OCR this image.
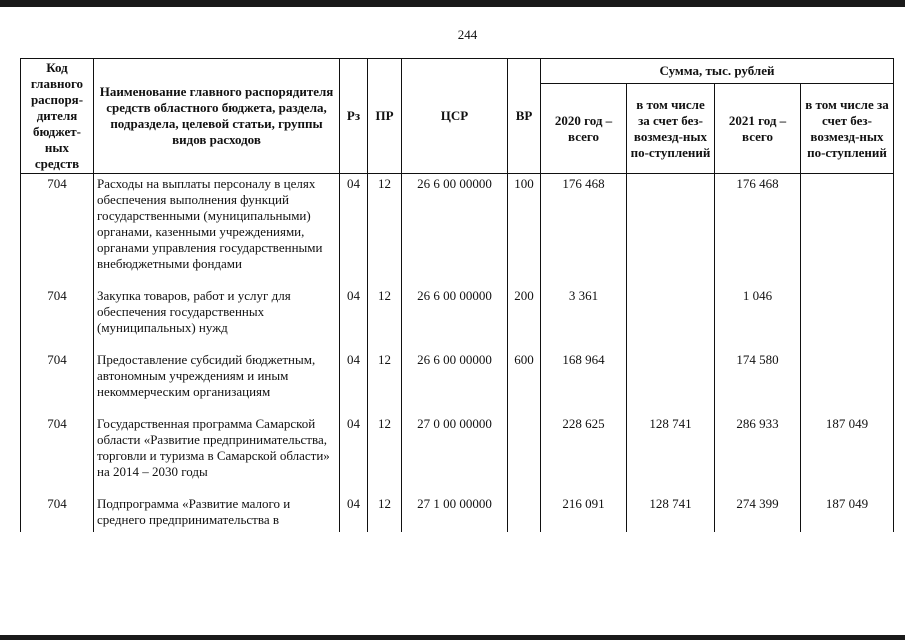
244
Код главного распоря-дителя бюджет-ных средств	Наименование главного распорядителя средств областного бюджета, раздела, подраздела, целевой статьи, группы видов расходов	Рз	ПР	ЦСР	ВР	Сумма, тыс. рублей			
						2020 год – всего	в том числе за счет без-возмезд-ных по-ступлений	2021 год – всего	в том числе за счет без-возмезд-ных по-ступлений
704	Расходы на выплаты персоналу в целях обеспечения выполнения функций государственными (муниципальными) органами, казенными учреждениями, органами управления государственными внебюджетными фондами	04	12	26 6 00 00000	100	176 468		176 468	
704	Закупка товаров, работ и услуг для обеспечения государственных (муниципальных) нужд	04	12	26 6 00 00000	200	3 361		1 046	
704	Предоставление субсидий бюджетным, автономным учреждениям и иным некоммерческим организациям	04	12	26 6 00 00000	600	168 964		174 580	
704	Государственная программа Самарской области «Развитие предпринимательства, торговли и туризма в Самарской области» на 2014 – 2030 годы	04	12	27 0 00 00000		228 625	128 741	286 933	187 049
704	Подпрограмма «Развитие малого и среднего предпринимательства в	04	12	27 1 00 00000		216 091	128 741	274 399	187 049
